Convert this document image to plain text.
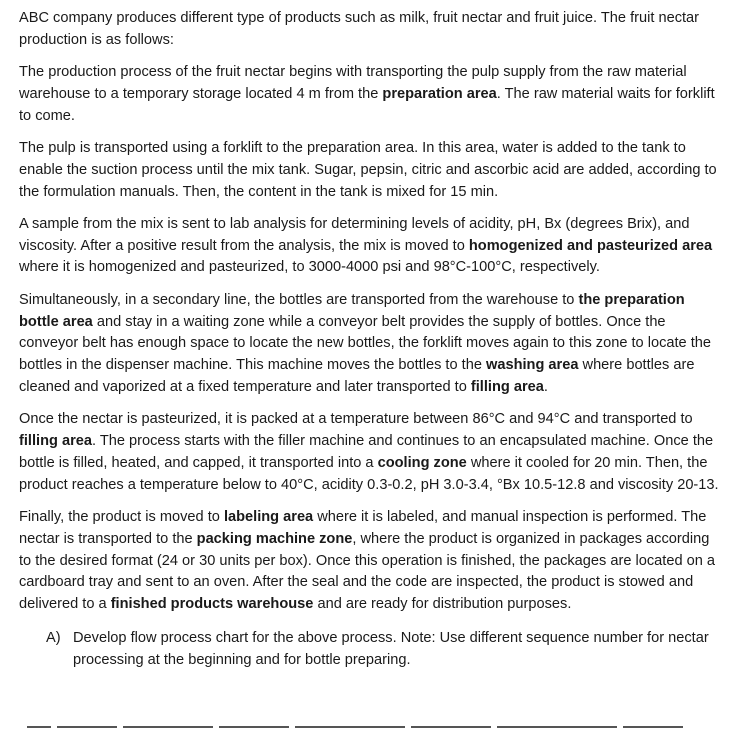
ABC company produces different type of products such as milk, fruit nectar and fruit juice. The fruit nectar production is as follows:

The production process of the fruit nectar begins with transporting the pulp supply from the raw material warehouse to a temporary storage located 4 m from the preparation area. The raw material waits for forklift to come.

The pulp is transported using a forklift to the preparation area. In this area, water is added to the tank to enable the suction process until the mix tank. Sugar, pepsin, citric and ascorbic acid are added, according to the formulation manuals. Then, the content in the tank is mixed for 15 min.

A sample from the mix is sent to lab analysis for determining levels of acidity, pH, Bx (degrees Brix), and viscosity. After a positive result from the analysis, the mix is moved to homogenized and pasteurized area where it is homogenized and pasteurized, to 3000-4000 psi and 98°C-100°C, respectively.

Simultaneously, in a secondary line, the bottles are transported from the warehouse to the preparation bottle area and stay in a waiting zone while a conveyor belt provides the supply of bottles. Once the conveyor belt has enough space to locate the new bottles, the forklift moves again to this zone to locate the bottles in the dispenser machine. This machine moves the bottles to the washing area where bottles are cleaned and vaporized at a fixed temperature and later transported to filling area.

Once the nectar is pasteurized, it is packed at a temperature between 86°C and 94°C and transported to filling area. The process starts with the filler machine and continues to an encapsulated machine. Once the bottle is filled, heated, and capped, it transported into a cooling zone where it cooled for 20 min. Then, the product reaches a temperature below to 40°C, acidity 0.3-0.2, pH 3.0-3.4, °Bx 10.5-12.8 and viscosity 20-13.

Finally, the product is moved to labeling area where it is labeled, and manual inspection is performed. The nectar is transported to the packing machine zone, where the product is organized in packages according to the desired format (24 or 30 units per box). Once this operation is finished, the packages are located on a cardboard tray and sent to an oven. After the seal and the code are inspected, the product is stowed and delivered to a finished products warehouse and are ready for distribution purposes.

A) Develop flow process chart for the above process. Note: Use different sequence number for nectar processing at the beginning and for bottle preparing.
